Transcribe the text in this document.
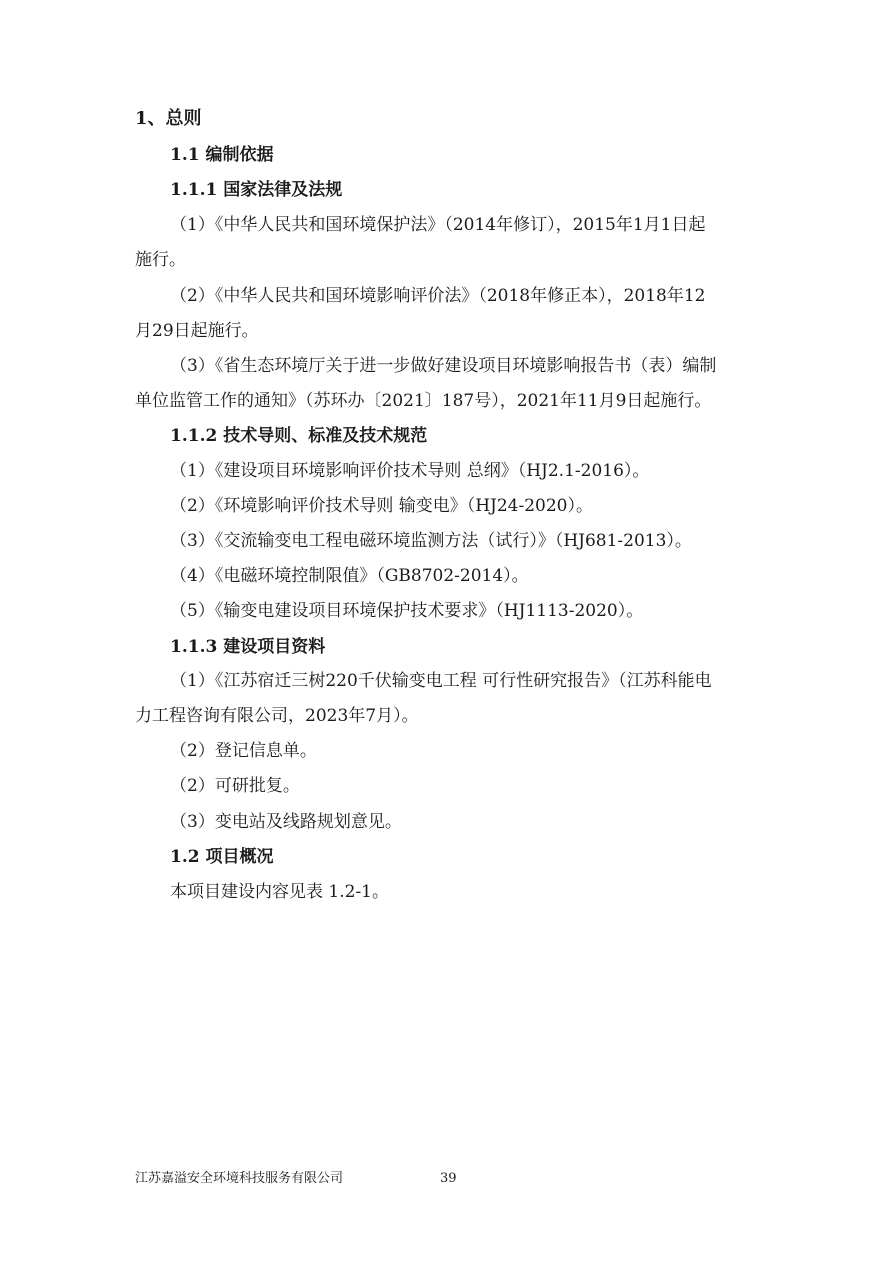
1、总则
1.1 编制依据
1.1.1 国家法律及法规
（1）《中华人民共和国环境保护法》（2014年修订），2015年1月1日起
施行。
（2）《中华人民共和国环境影响评价法》（2018年修正本），2018年12
月29日起施行。
（3）《省生态环境厅关于进一步做好建设项目环境影响报告书（表）编制
单位监管工作的通知》（苏环办〔2021〕187号），2021年11月9日起施行。
1.1.2 技术导则、标准及技术规范
（1）《建设项目环境影响评价技术导则 总纲》（HJ2.1-2016）。
（2）《环境影响评价技术导则 输变电》（HJ24-2020）。
（3）《交流输变电工程电磁环境监测方法（试行）》（HJ681-2013）。
（4）《电磁环境控制限值》（GB8702-2014）。
（5）《输变电建设项目环境保护技术要求》（HJ1113-2020）。
1.1.3 建设项目资料
（1）《江苏宿迁三树220千伏输变电工程 可行性研究报告》（江苏科能电
力工程咨询有限公司，2023年7月）。
（2）登记信息单。
（2）可研批复。
（3）变电站及线路规划意见。
1.2 项目概况
本项目建设内容见表 1.2-1。
江苏嘉溢安全环境科技服务有限公司	39
